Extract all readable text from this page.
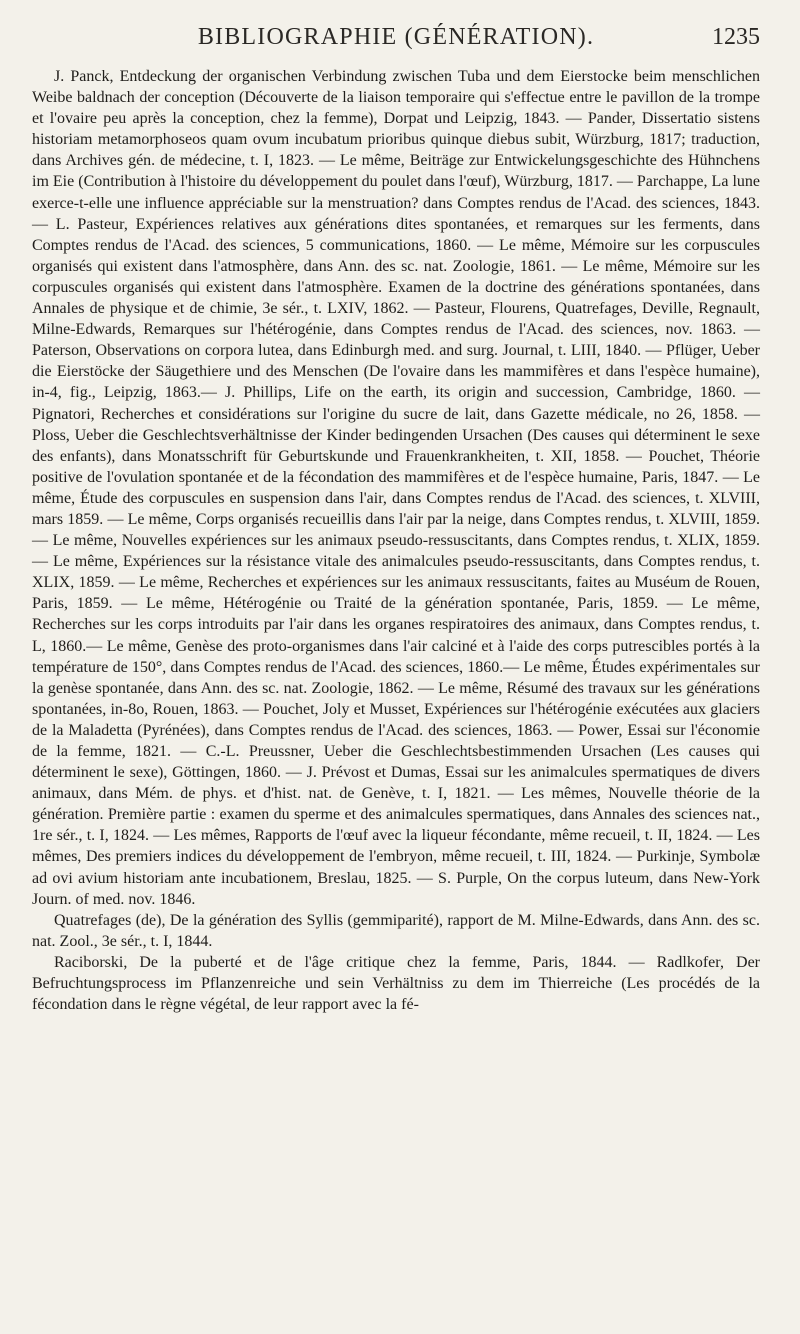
BIBLIOGRAPHIE (GÉNÉRATION).	1235

J. Panck, Entdeckung der organischen Verbindung zwischen Tuba und dem Eierstocke beim menschlichen Weibe baldnach der conception (Découverte de la liaison temporaire qui s'effectue entre le pavillon de la trompe et l'ovaire peu après la conception, chez la femme), Dorpat und Leipzig, 1843. — Pander, Dissertatio sistens historiam metamorphoseos quam ovum incubatum prioribus quinque diebus subit, Würzburg, 1817; traduction, dans Archives gén. de médecine, t. I, 1823. — Le même, Beiträge zur Entwickelungsgeschichte des Hühnchens im Eie (Contribution à l'histoire du développement du poulet dans l'œuf), Würzburg, 1817. — Parchappe, La lune exerce-t-elle une influence appréciable sur la menstruation? dans Comptes rendus de l'Acad. des sciences, 1843. — L. Pasteur, Expériences relatives aux générations dites spontanées, et remarques sur les ferments, dans Comptes rendus de l'Acad. des sciences, 5 communications, 1860. — Le même, Mémoire sur les corpuscules organisés qui existent dans l'atmosphère, dans Ann. des sc. nat. Zoologie, 1861. — Le même, Mémoire sur les corpuscules organisés qui existent dans l'atmosphère. Examen de la doctrine des générations spontanées, dans Annales de physique et de chimie, 3e sér., t. LXIV, 1862. — Pasteur, Flourens, Quatrefages, Deville, Regnault, Milne-Edwards, Remarques sur l'hétérogénie, dans Comptes rendus de l'Acad. des sciences, nov. 1863. — Paterson, Observations on corpora lutea, dans Edinburgh med. and surg. Journal, t. LIII, 1840. — Pflüger, Ueber die Eierstöcke der Säugethiere und des Menschen (De l'ovaire dans les mammifères et dans l'espèce humaine), in-4, fig., Leipzig, 1863.— J. Phillips, Life on the earth, its origin and succession, Cambridge, 1860. — Pignatori, Recherches et considérations sur l'origine du sucre de lait, dans Gazette médicale, no 26, 1858. — Ploss, Ueber die Geschlechtsverhältnisse der Kinder bedingenden Ursachen (Des causes qui déterminent le sexe des enfants), dans Monatsschrift für Geburtskunde und Frauenkrankheiten, t. XII, 1858. — Pouchet, Théorie positive de l'ovulation spontanée et de la fécondation des mammifères et de l'espèce humaine, Paris, 1847. — Le même, Étude des corpuscules en suspension dans l'air, dans Comptes rendus de l'Acad. des sciences, t. XLVIII, mars 1859. — Le même, Corps organisés recueillis dans l'air par la neige, dans Comptes rendus, t. XLVIII, 1859. — Le même, Nouvelles expériences sur les animaux pseudo-ressuscitants, dans Comptes rendus, t. XLIX, 1859. — Le même, Expériences sur la résistance vitale des animalcules pseudo-ressuscitants, dans Comptes rendus, t. XLIX, 1859. — Le même, Recherches et expériences sur les animaux ressuscitants, faites au Muséum de Rouen, Paris, 1859. — Le même, Hétérogénie ou Traité de la génération spontanée, Paris, 1859. — Le même, Recherches sur les corps introduits par l'air dans les organes respiratoires des animaux, dans Comptes rendus, t. L, 1860.— Le même, Genèse des proto-organismes dans l'air calciné et à l'aide des corps putrescibles portés à la température de 150°, dans Comptes rendus de l'Acad. des sciences, 1860.— Le même, Études expérimentales sur la genèse spontanée, dans Ann. des sc. nat. Zoologie, 1862. — Le même, Résumé des travaux sur les générations spontanées, in-8o, Rouen, 1863. — Pouchet, Joly et Musset, Expériences sur l'hétérogénie exécutées aux glaciers de la Maladetta (Pyrénées), dans Comptes rendus de l'Acad. des sciences, 1863. — Power, Essai sur l'économie de la femme, 1821. — C.-L. Preussner, Ueber die Geschlechtsbestimmenden Ursachen (Les causes qui déterminent le sexe), Göttingen, 1860. — J. Prévost et Dumas, Essai sur les animalcules spermatiques de divers animaux, dans Mém. de phys. et d'hist. nat. de Genève, t. I, 1821. — Les mêmes, Nouvelle théorie de la génération. Première partie : examen du sperme et des animalcules spermatiques, dans Annales des sciences nat., 1re sér., t. I, 1824. — Les mêmes, Rapports de l'œuf avec la liqueur fécondante, même recueil, t. II, 1824. — Les mêmes, Des premiers indices du développement de l'embryon, même recueil, t. III, 1824. — Purkinje, Symbolæ ad ovi avium historiam ante incubationem, Breslau, 1825. — S. Purple, On the corpus luteum, dans New-York Journ. of med. nov. 1846.

Quatrefages (de), De la génération des Syllis (gemmiparité), rapport de M. Milne-Edwards, dans Ann. des sc. nat. Zool., 3e sér., t. I, 1844.

Raciborski, De la puberté et de l'âge critique chez la femme, Paris, 1844. — Radlkofer, Der Befruchtungsprocess im Pflanzenreiche und sein Verhältniss zu dem im Thierreiche (Les procédés de la fécondation dans le règne végétal, de leur rapport avec la fé-
